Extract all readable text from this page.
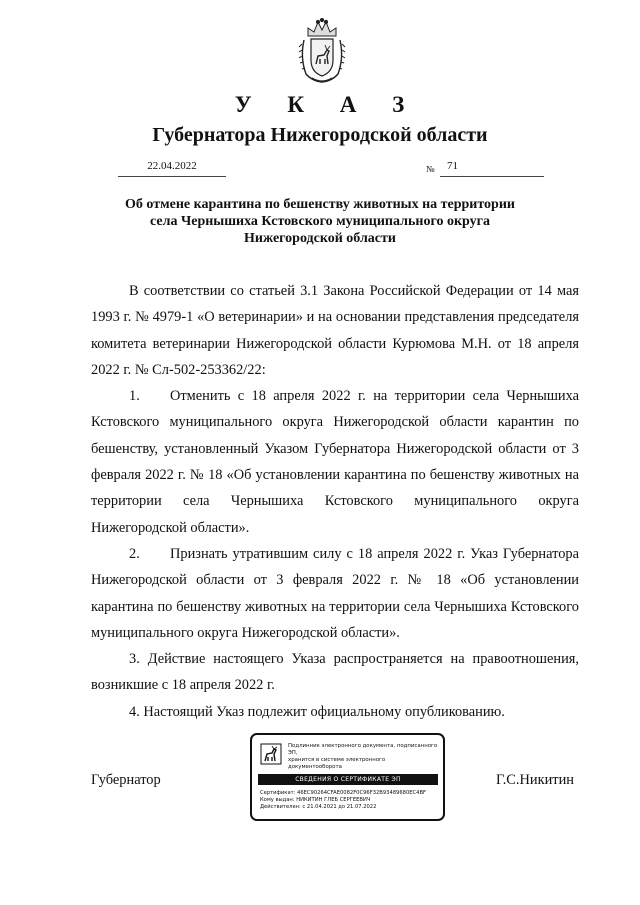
У К А З
Губернатора Нижегородской области
22.04.2022	№	71
Об отмене карантина по бешенству животных на территории
села Чернышиха Кстовского муниципального округа
Нижегородской области

В соответствии со статьей 3.1 Закона Российской Федерации от 14 мая 1993 г. № 4979-1 «О ветеринарии» и на основании представления председателя комитета ветеринарии Нижегородской области Курюмова М.Н. от 18 апреля 2022 г. № Сл-502-253362/22:

1. Отменить с 18 апреля 2022 г. на территории села Чернышиха Кстовского муниципального округа Нижегородской области карантин по бешенству, установленный Указом Губернатора Нижегородской области от 3 февраля 2022 г. № 18 «Об установлении карантина по бешенству животных на территории села Чернышиха Кстовского муниципального округа Нижегородской области».

2. Признать утратившим силу с 18 апреля 2022 г. Указ Губернатора Нижегородской области от 3 февраля 2022 г. № 18 «Об установлении карантина по бешенству животных на территории села Чернышиха Кстовского муниципального округа Нижегородской области».

3. Действие настоящего Указа распространяется на правоотношения, возникшие с 18 апреля 2022 г.

4. Настоящий Указ подлежит официальному опубликованию.

Губернатор	Г.С.Никитин
Подлинник электронного документа, подписанного ЭП,
хранится в системе электронного документооборота
СВЕДЕНИЯ О СЕРТИФИКАТЕ ЭП
Сертификат: 46EC90264CFAE0082F0C96F32B93489680EC4BF
Кому выдан: НИКИТИН ГЛЕБ СЕРГЕЕВИЧ
Действителен: с 21.04.2021 до 21.07.2022
